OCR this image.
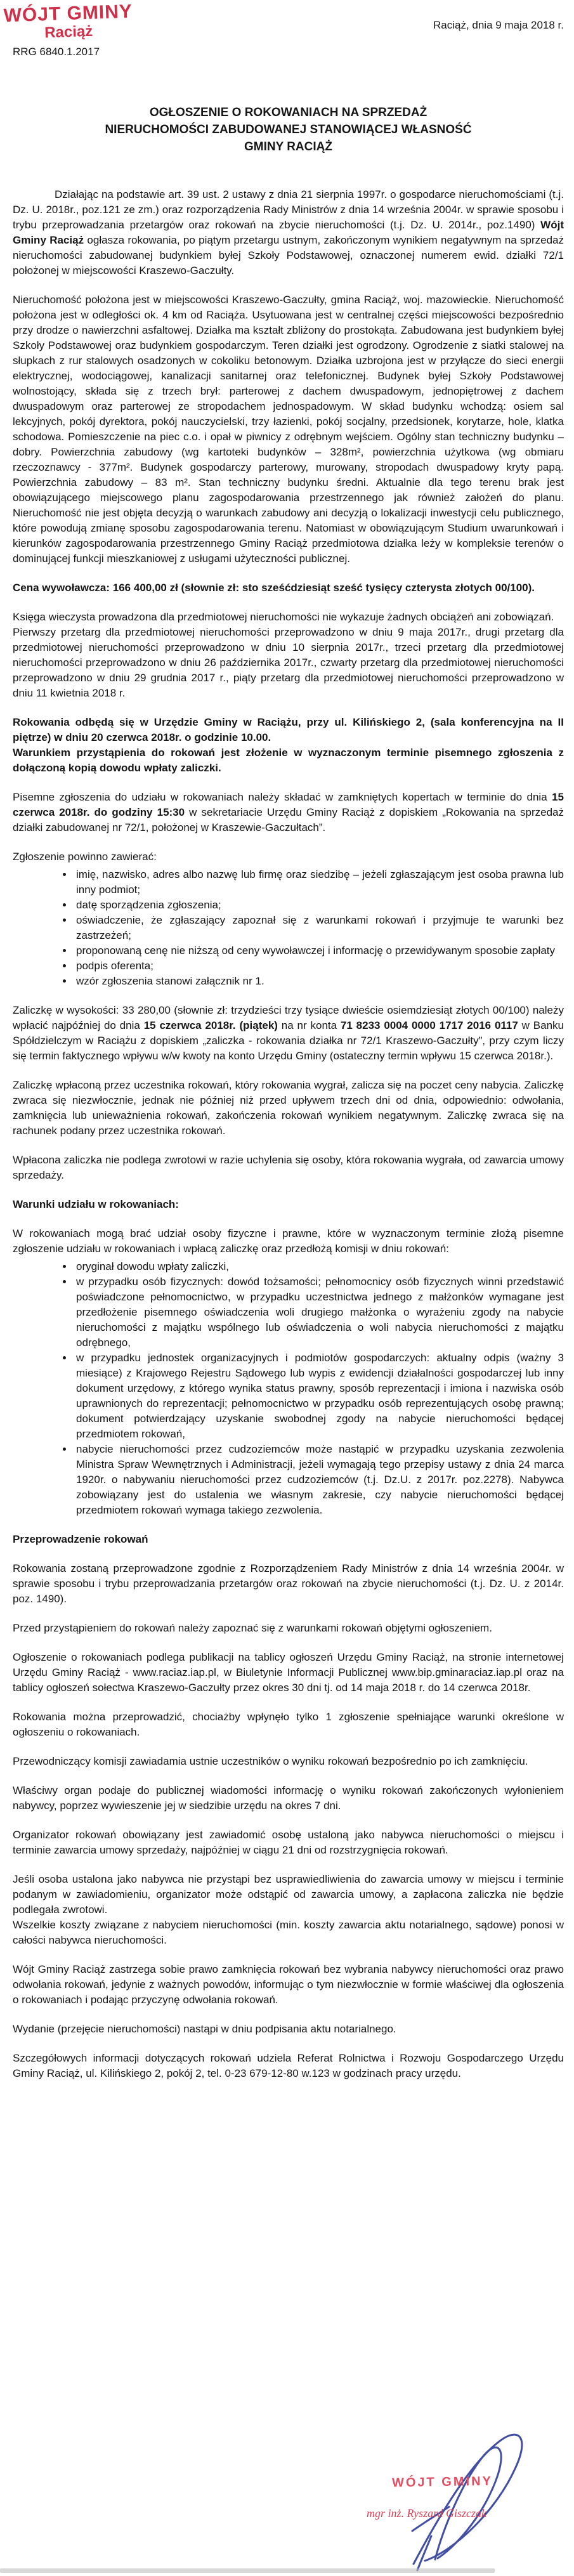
WÓJT GMINY
Raciąż	Raciąż, dnia 9 maja 2018 r.
RRG 6840.1.2017
OGŁOSZENIE O ROKOWANIACH NA SPRZEDAŻ
NIERUCHOMOŚCI ZABUDOWANEJ STANOWIĄCEJ WŁASNOŚĆ
GMINY RACIĄŻ

Działając na podstawie art. 39 ust. 2 ustawy z dnia 21 sierpnia 1997r. o gospodarce nieruchomościami (t.j. Dz. U. 2018r., poz.121 ze zm.) oraz rozporządzenia Rady Ministrów z dnia 14 września 2004r. w sprawie sposobu i trybu przeprowadzania przetargów oraz rokowań na zbycie nieruchomości (t.j. Dz. U. 2014r., poz.1490) Wójt Gminy Raciąż ogłasza rokowania, po piątym przetargu ustnym, zakończonym wynikiem negatywnym na sprzedaż nieruchomości zabudowanej budynkiem byłej Szkoły Podstawowej, oznaczonej numerem ewid. działki 72/1 położonej w miejscowości Kraszewo-Gaczułty.

Nieruchomość położona jest w miejscowości Kraszewo-Gaczułty, gmina Raciąż, woj. mazowieckie. Nieruchomość położona jest w odległości ok. 4 km od Raciąża. Usytuowana jest w centralnej części miejscowości bezpośrednio przy drodze o nawierzchni asfaltowej. Działka ma kształt zbliżony do prostokąta. Zabudowana jest budynkiem byłej Szkoły Podstawowej oraz budynkiem gospodarczym. Teren działki jest ogrodzony. Ogrodzenie z siatki stalowej na słupkach z rur stalowych osadzonych w cokoliku betonowym. Działka uzbrojona jest w przyłącze do sieci energii elektrycznej, wodociągowej, kanalizacji sanitarnej oraz telefonicznej. Budynek byłej Szkoły Podstawowej wolnostojący, składa się z trzech brył: parterowej z dachem dwuspadowym, jednopiętrowej z dachem dwuspadowym oraz parterowej ze stropodachem jednospadowym. W skład budynku wchodzą: osiem sal lekcyjnych, pokój dyrektora, pokój nauczycielski, trzy łazienki, pokój socjalny, przedsionek, korytarze, hole, klatka schodowa. Pomieszczenie na piec c.o. i opał w piwnicy z odrębnym wejściem. Ogólny stan techniczny budynku – dobry. Powierzchnia zabudowy (wg kartoteki budynków – 328m², powierzchnia użytkowa (wg obmiaru rzeczoznawcy - 377m². Budynek gospodarczy parterowy, murowany, stropodach dwuspadowy kryty papą. Powierzchnia zabudowy – 83 m². Stan techniczny budynku średni. Aktualnie dla tego terenu brak jest obowiązującego miejscowego planu zagospodarowania przestrzennego jak również założeń do planu. Nieruchomość nie jest objęta decyzją o warunkach zabudowy ani decyzją o lokalizacji inwestycji celu publicznego, które powodują zmianę sposobu zagospodarowania terenu. Natomiast w obowiązującym Studium uwarunkowań i kierunków zagospodarowania przestrzennego Gminy Raciąż przedmiotowa działka leży w kompleksie terenów o dominującej funkcji mieszkaniowej z usługami użyteczności publicznej.

Cena wywoławcza: 166 400,00 zł (słownie zł: sto sześćdziesiąt sześć tysięcy czterysta złotych 00/100).

Księga wieczysta prowadzona dla przedmiotowej nieruchomości nie wykazuje żadnych obciążeń ani zobowiązań.

Pierwszy przetarg dla przedmiotowej nieruchomości przeprowadzono w dniu 9 maja 2017r., drugi przetarg dla przedmiotowej nieruchomości przeprowadzono w dniu 10 sierpnia 2017r., trzeci przetarg dla przedmiotowej nieruchomości przeprowadzono w dniu 26 października 2017r., czwarty przetarg dla przedmiotowej nieruchomości przeprowadzono w dniu 29 grudnia 2017 r., piąty przetarg dla przedmiotowej nieruchomości przeprowadzono w dniu 11 kwietnia 2018 r.

Rokowania odbędą się w Urzędzie Gminy w Raciążu, przy ul. Kilińskiego 2, (sala konferencyjna na II piętrze) w dniu 20 czerwca 2018r. o godzinie 10.00.

Warunkiem przystąpienia do rokowań jest złożenie w wyznaczonym terminie pisemnego zgłoszenia z dołączoną kopią dowodu wpłaty zaliczki.

Pisemne zgłoszenia do udziału w rokowaniach należy składać w zamkniętych kopertach w terminie do dnia 15 czerwca 2018r. do godziny 15:30 w sekretariacie Urzędu Gminy Raciąż z dopiskiem „Rokowania na sprzedaż działki zabudowanej nr 72/1, położonej w Kraszewie-Gaczułtach”.

Zgłoszenie powinno zawierać:

• imię, nazwisko, adres albo nazwę lub firmę oraz siedzibę – jeżeli zgłaszającym jest osoba prawna lub inny podmiot;
• datę sporządzenia zgłoszenia;
• oświadczenie, że zgłaszający zapoznał się z warunkami rokowań i przyjmuje te warunki bez zastrzeżeń;
• proponowaną cenę nie niższą od ceny wywoławczej i informację o przewidywanym sposobie zapłaty
• podpis oferenta;
• wzór zgłoszenia stanowi załącznik nr 1.

Zaliczkę w wysokości: 33 280,00 (słownie zł: trzydzieści trzy tysiące dwieście osiemdziesiąt złotych 00/100) należy wpłacić najpóźniej do dnia 15 czerwca 2018r. (piątek) na nr konta 71 8233 0004 0000 1717 2016 0117 w Banku Spółdzielczym w Raciążu z dopiskiem „zaliczka - rokowania działka nr 72/1 Kraszewo-Gaczułty”, przy czym liczy się termin faktycznego wpływu w/w kwoty na konto Urzędu Gminy (ostateczny termin wpływu 15 czerwca 2018r.).

Zaliczkę wpłaconą przez uczestnika rokowań, który rokowania wygrał, zalicza się na poczet ceny nabycia. Zaliczkę zwraca się niezwłocznie, jednak nie później niż przed upływem trzech dni od dnia, odpowiednio: odwołania, zamknięcia lub unieważnienia rokowań, zakończenia rokowań wynikiem negatywnym. Zaliczkę zwraca się na rachunek podany przez uczestnika rokowań.

Wpłacona zaliczka nie podlega zwrotowi w razie uchylenia się osoby, która rokowania wygrała, od zawarcia umowy sprzedaży.

Warunki udziału w rokowaniach:

W rokowaniach mogą brać udział osoby fizyczne i prawne, które w wyznaczonym terminie złożą pisemne zgłoszenie udziału w rokowaniach i wpłacą zaliczkę oraz przedłożą komisji w dniu rokowań:

• oryginał dowodu wpłaty zaliczki,
• w przypadku osób fizycznych: dowód tożsamości; pełnomocnicy osób fizycznych winni przedstawić poświadczone pełnomocnictwo, w przypadku uczestnictwa jednego z małżonków wymagane jest przedłożenie pisemnego oświadczenia woli drugiego małżonka o wyrażeniu zgody na nabycie nieruchomości z majątku wspólnego lub oświadczenia o woli nabycia nieruchomości z majątku odrębnego,
• w przypadku jednostek organizacyjnych i podmiotów gospodarczych: aktualny odpis (ważny 3 miesiące) z Krajowego Rejestru Sądowego lub wypis z ewidencji działalności gospodarczej lub inny dokument urzędowy, z którego wynika status prawny, sposób reprezentacji i imiona i nazwiska osób uprawnionych do reprezentacji; pełnomocnictwo w przypadku osób reprezentujących osobę prawną; dokument potwierdzający uzyskanie swobodnej zgody na nabycie nieruchomości będącej przedmiotem rokowań,
• nabycie nieruchomości przez cudzoziemców może nastąpić w przypadku uzyskania zezwolenia Ministra Spraw Wewnętrznych i Administracji, jeżeli wymagają tego przepisy ustawy z dnia 24 marca 1920r. o nabywaniu nieruchomości przez cudzoziemców (t.j. Dz.U. z 2017r. poz.2278). Nabywca zobowiązany jest do ustalenia we własnym zakresie, czy nabycie nieruchomości będącej przedmiotem rokowań wymaga takiego zezwolenia.

Przeprowadzenie rokowań

Rokowania zostaną przeprowadzone zgodnie z Rozporządzeniem Rady Ministrów z dnia 14 września 2004r. w sprawie sposobu i trybu przeprowadzania przetargów oraz rokowań na zbycie nieruchomości (t.j. Dz. U. z 2014r. poz. 1490).

Przed przystąpieniem do rokowań należy zapoznać się z warunkami rokowań objętymi ogłoszeniem.

Ogłoszenie o rokowaniach podlega publikacji na tablicy ogłoszeń Urzędu Gminy Raciąż, na stronie internetowej Urzędu Gminy Raciąż - www.raciaz.iap.pl, w Biuletynie Informacji Publicznej www.bip.gminaraciaz.iap.pl oraz na tablicy ogłoszeń sołectwa Kraszewo-Gaczułty przez okres 30 dni tj. od 14 maja 2018 r. do 14 czerwca 2018r.

Rokowania można przeprowadzić, chociażby wpłynęło tylko 1 zgłoszenie spełniające warunki określone w ogłoszeniu o rokowaniach.

Przewodniczący komisji zawiadamia ustnie uczestników o wyniku rokowań bezpośrednio po ich zamknięciu.

Właściwy organ podaje do publicznej wiadomości informację o wyniku rokowań zakończonych wyłonieniem nabywcy, poprzez wywieszenie jej w siedzibie urzędu na okres 7 dni.

Organizator rokowań obowiązany jest zawiadomić osobę ustaloną jako nabywca nieruchomości o miejscu i terminie zawarcia umowy sprzedaży, najpóźniej w ciągu 21 dni od rozstrzygnięcia rokowań.

Jeśli osoba ustalona jako nabywca nie przystąpi bez usprawiedliwienia do zawarcia umowy w miejscu i terminie podanym w zawiadomieniu, organizator może odstąpić od zawarcia umowy, a zapłacona zaliczka nie będzie podlegała zwrotowi.

Wszelkie koszty związane z nabyciem nieruchomości (min. koszty zawarcia aktu notarialnego, sądowe) ponosi w całości nabywca nieruchomości.

Wójt Gminy Raciąż zastrzega sobie prawo zamknięcia rokowań bez wybrania nabywcy nieruchomości oraz prawo odwołania rokowań, jedynie z ważnych powodów, informując o tym niezwłocznie w formie właściwej dla ogłoszenia o rokowaniach i podając przyczynę odwołania rokowań.

Wydanie (przejęcie nieruchomości) nastąpi w dniu podpisania aktu notarialnego.

Szczegółowych informacji dotyczących rokowań udziela Referat Rolnictwa i Rozwoju Gospodarczego Urzędu Gminy Raciąż, ul. Kilińskiego 2, pokój 2, tel. 0-23 679-12-80 w.123 w godzinach pracy urzędu.

WÓJT GMINY
mgr inż. Ryszard Giszczak
